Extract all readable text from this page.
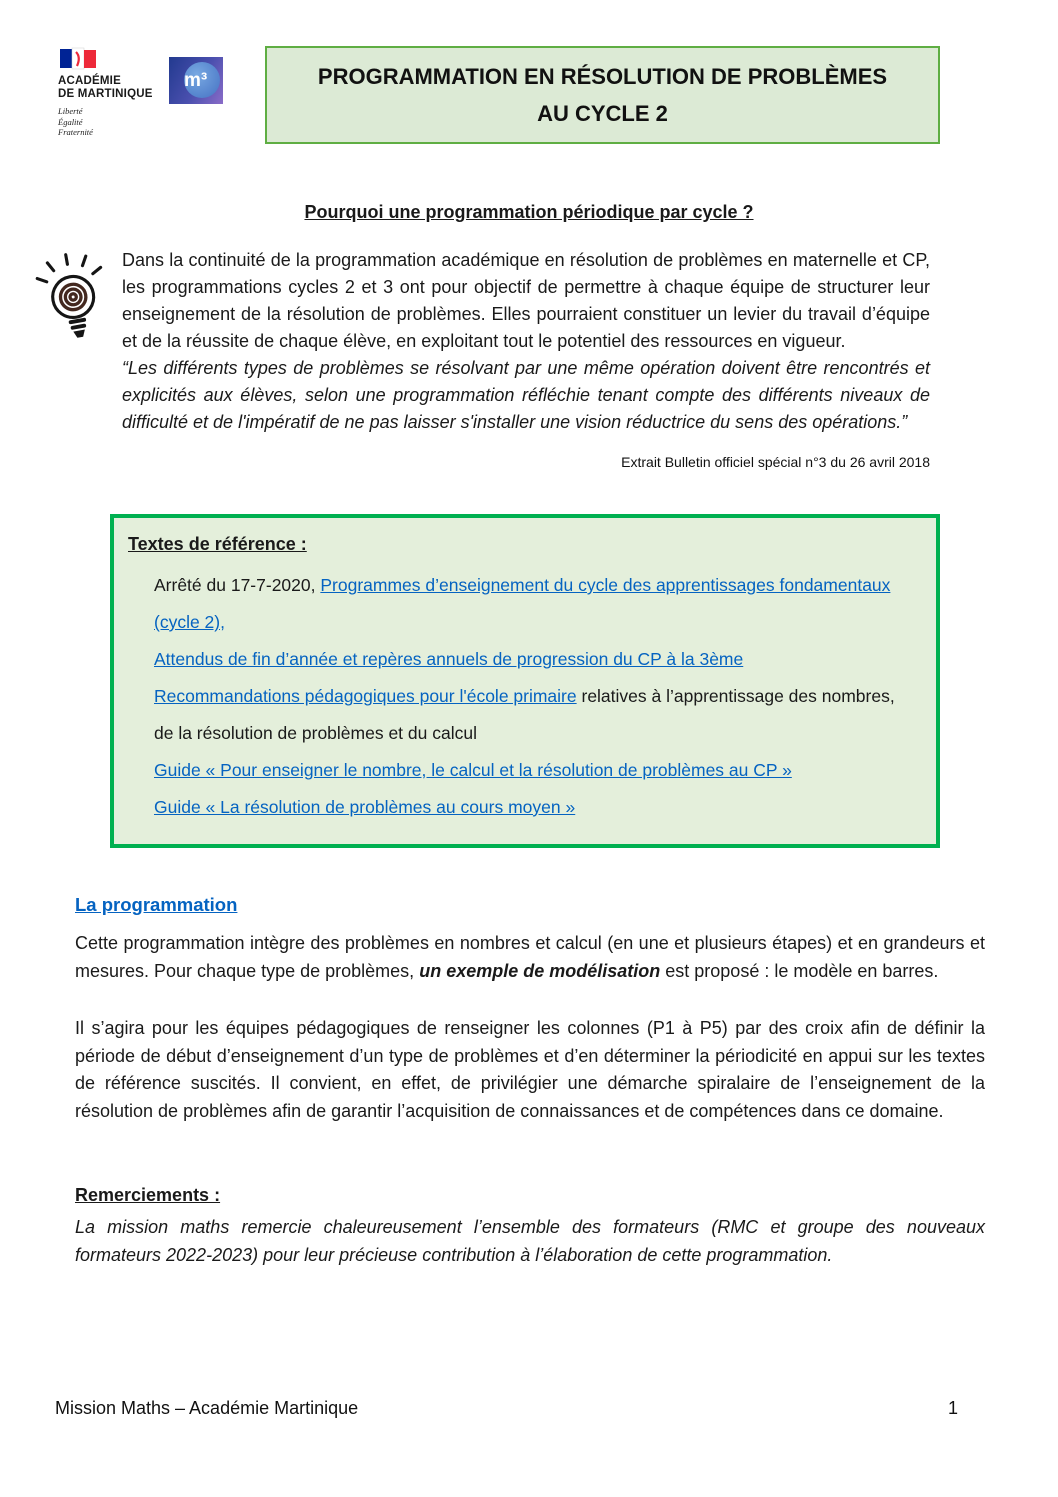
ACADÉMIE
DE MARTINIQUE
Liberté
Égalité
Fraternité
m³	PROGRAMMATION EN RÉSOLUTION DE PROBLÈMES
AU CYCLE 2
Pourquoi une programmation périodique par cycle ?

Dans la continuité de la programmation académique en résolution de problèmes en maternelle et CP, les programmations cycles 2 et 3 ont pour objectif de permettre à chaque équipe de structurer leur enseignement de la résolution de problèmes. Elles pourraient constituer un levier du travail d’équipe et de la réussite de chaque élève, en exploitant tout le potentiel des ressources en vigueur.

“Les différents types de problèmes se résolvant par une même opération doivent être rencontrés et explicités aux élèves, selon une programmation réfléchie tenant compte des différents niveaux de difficulté et de l'impératif de ne pas laisser s'installer une vision réductrice du sens des opérations.”

Extrait Bulletin officiel spécial n°3 du 26 avril 2018
Textes de référence :

Arrêté du 17-7-2020, Programmes d’enseignement du cycle des apprentissages fondamentaux (cycle 2),

Attendus de fin d’année et repères annuels de progression du CP à la 3ème

Recommandations pédagogiques pour l'école primaire relatives à l’apprentissage des nombres, de la résolution de problèmes et du calcul

Guide « Pour enseigner le nombre, le calcul et la résolution de problèmes au CP »

Guide « La résolution de problèmes au cours moyen »

La programmation

Cette programmation intègre des problèmes en nombres et calcul (en une et plusieurs étapes) et en grandeurs et mesures. Pour chaque type de problèmes, un exemple de modélisation est proposé : le modèle en barres.

Il s’agira pour les équipes pédagogiques de renseigner les colonnes (P1 à P5) par des croix afin de définir la période de début d’enseignement d’un type de problèmes et d’en déterminer la périodicité en appui sur les textes de référence suscités. Il convient, en effet, de privilégier une démarche spiralaire de l’enseignement de la résolution de problèmes afin de garantir l’acquisition de connaissances et de compétences dans ce domaine.

Remerciements :

La mission maths remercie chaleureusement l’ensemble des formateurs (RMC et groupe des nouveaux formateurs 2022-2023) pour leur précieuse contribution à l’élaboration de cette programmation.

Mission Maths – Académie Martinique	1
